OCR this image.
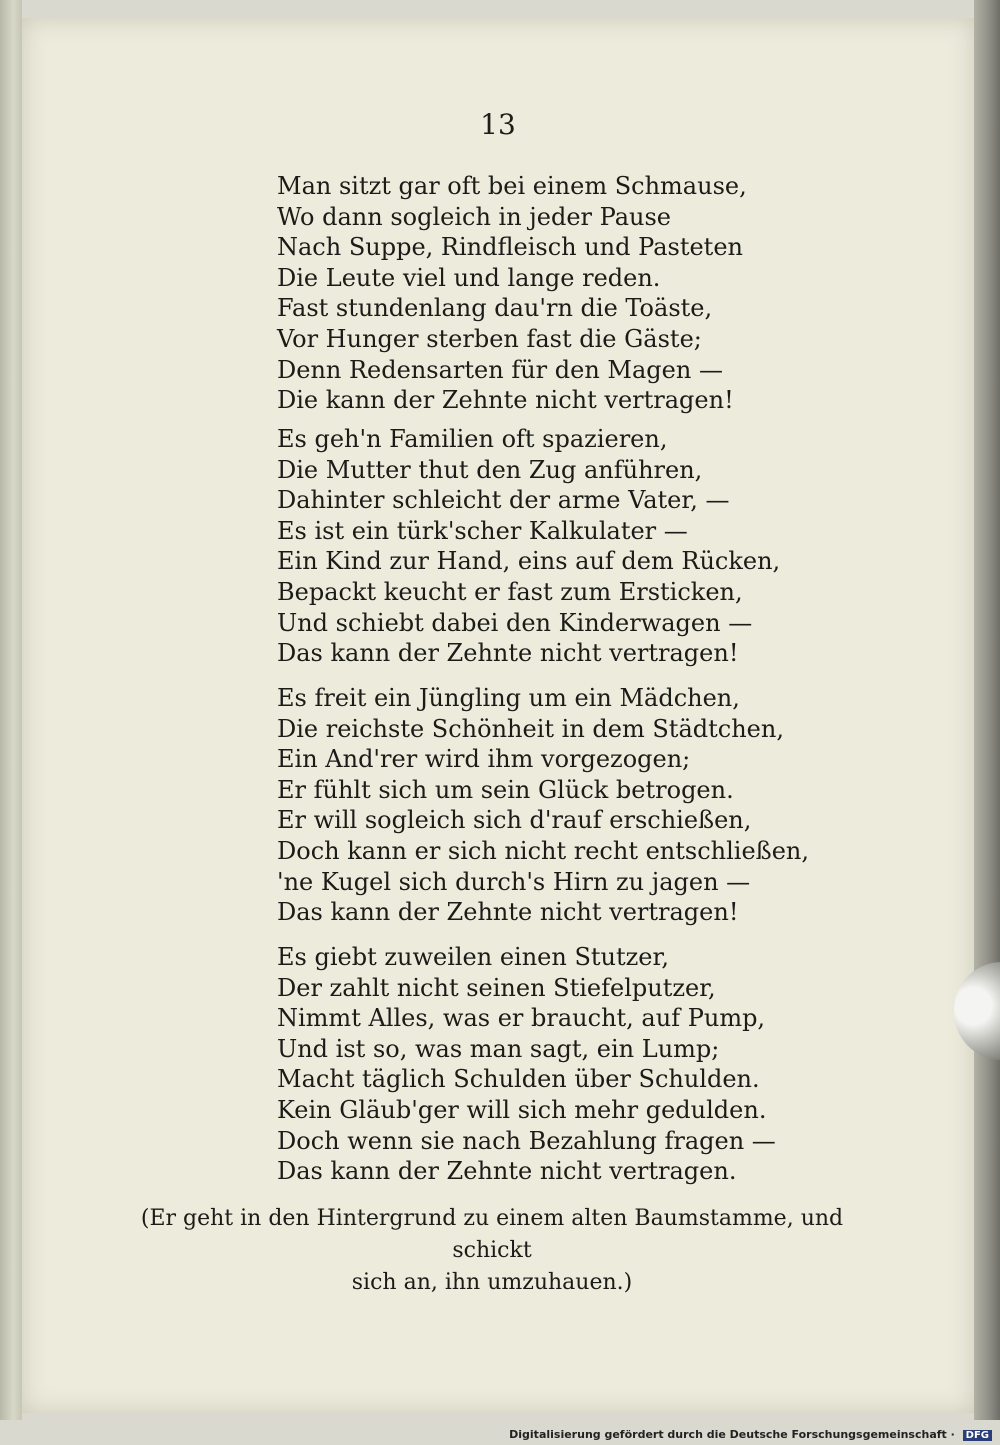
13
Man sitzt gar oft bei einem Schmause,
Wo dann sogleich in jeder Pause
Nach Suppe, Rindfleisch und Pasteten
Die Leute viel und lange reden.
Fast stundenlang dau'rn die Toäste,
Vor Hunger sterben fast die Gäste;
Denn Redensarten für den Magen —
Die kann der Zehnte nicht vertragen!
Es geh'n Familien oft spazieren,
Die Mutter thut den Zug anführen,
Dahinter schleicht der arme Vater, —
Es ist ein türk'scher Kalkulater —
Ein Kind zur Hand, eins auf dem Rücken,
Bepackt keucht er fast zum Ersticken,
Und schiebt dabei den Kinderwagen —
Das kann der Zehnte nicht vertragen!
Es freit ein Jüngling um ein Mädchen,
Die reichste Schönheit in dem Städtchen,
Ein And'rer wird ihm vorgezogen;
Er fühlt sich um sein Glück betrogen.
Er will sogleich sich d'rauf erschießen,
Doch kann er sich nicht recht entschließen,
'ne Kugel sich durch's Hirn zu jagen —
Das kann der Zehnte nicht vertragen!
Es giebt zuweilen einen Stutzer,
Der zahlt nicht seinen Stiefelputzer,
Nimmt Alles, was er braucht, auf Pump,
Und ist so, was man sagt, ein Lump;
Macht täglich Schulden über Schulden.
Kein Gläub'ger will sich mehr gedulden.
Doch wenn sie nach Bezahlung fragen —
Das kann der Zehnte nicht vertragen.
(Er geht in den Hintergrund zu einem alten Baumstamme, und schickt
sich an, ihn umzuhauen.)
Digitalisierung gefördert durch die Deutsche Forschungsgemeinschaft · DFG
